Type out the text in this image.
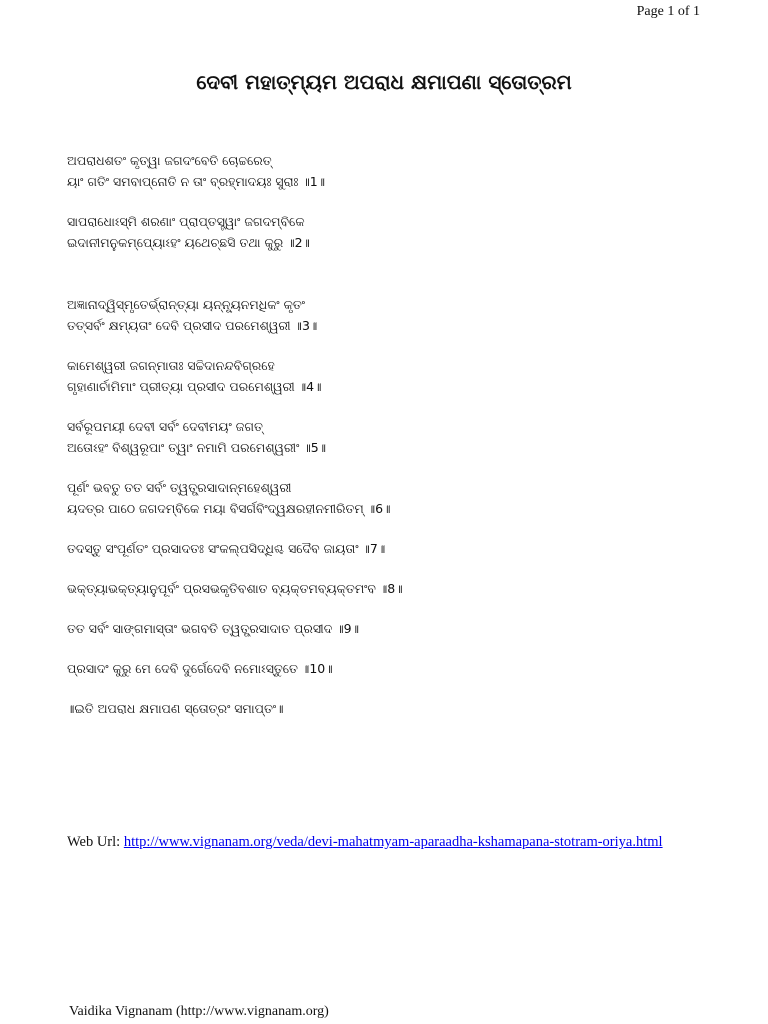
Page 1 of 1
ଦେବୀ ମହାତ୍ମ୍ୟମ ଅପରାଧ କ୍ଷମାପଣା ସ୍ତୋତ୍ରମ
ଅପରାଧଶତଂ କୃତ୍ୱା ଜଗଦଂବେତି ଚୋଚ୍ଚରେତ୍
ୟାଂ ଗତିଂ ସମବାପ୍ନୋତି ନ ତାଂ ବ୍ରହ୍ମାଦୟଃ ସୁରାଃ ॥1॥
ସାପରାଧୋଽସ୍ମି ଶରଣାଂ ପ୍ରାପ୍ତସ୍ତ୍ୱାଂ ଜଗଦମ୍ବିକେ
ଇଦାନୀମନୁକମ୍ପ୍ୟୋଽହଂ ୟଥେଚ୍ଛସି ତଥା କୁରୁ ॥2॥
ଅଜ୍ଞାନାଦ୍ୱିସ୍ମୃତେର୍ଭ୍ରାନ୍ତ୍ୟା ୟନ୍ନ୍ୟୂନମଧିକଂ କୃତଂ
ତତ୍ସର୍ବଂ କ୍ଷମ୍ୟତାଂ ଦେବି ପ୍ରସୀଦ ପରମେଶ୍ୱରୀ ॥3॥
କାମେଶ୍ୱରୀ ଜଗନ୍ମାତାଃ ସଚ୍ଚିଦାନନ୍ଦବିଗ୍ରହେ
ଗୃହାଣାର୍ଚାମିମାଂ ପ୍ରୀତ୍ୟା ପ୍ରସୀଦ ପରମେଶ୍ୱରୀ ॥4॥
ସର୍ବରୂପମୟୀ ଦେବୀ ସର୍ବଂ ଦେବୀମୟଂ ଜଗତ୍
ଅତୋଽହଂ ବିଶ୍ୱରୂପାଂ ତ୍ୱାଂ ନମାମି ପରମେଶ୍ୱରୀଂ ॥5॥
ପୂର୍ଣଂ ଭବତୁ ତତ ସର୍ବଂ ତ୍ୱତ୍ପ୍ରସାଦାନ୍ମହେଶ୍ୱରୀ
ୟଦତ୍ର ପାଠେ ଜଗଦମ୍ବିକେ ମୟା ବିସର୍ଗବିଂଦ୍ୱକ୍ଷରହୀନମୀରିତମ୍ ॥6॥
ତଦସ୍ତୁ ସଂପୂର୍ଣତଂ ପ୍ରସାଦତଃ ସଂକଲ୍ପସିଦ୍ଧିଶ୍ଚ ସଦୈବ ଜାୟତାଂ ॥7॥
ଭକ୍ତ୍ୟାଭକ୍ତ୍ୟାନୁପୂର୍ବଂ ପ୍ରସଭକୃତିବଶାତ ବ୍ୟକ୍ତମବ୍ୟକ୍ତମଂବ ॥8॥
ତତ ସର୍ବଂ ସାଙ୍ଗମାସ୍ତାଂ ଭଗବତି ତ୍ୱତ୍ପ୍ରସାଦାତ ପ୍ରସୀଦ ॥9॥
ପ୍ରସାଦଂ କୁରୁ ମେ ଦେବି ଦୁର୍ଗେଦେବି ନମୋଽସ୍ତୁତେ ॥10॥
॥ଇତି ଅପରାଧ କ୍ଷମାପଣ ସ୍ତୋତ୍ରଂ ସମାପ୍ତଂ॥
Web Url: http://www.vignanam.org/veda/devi-mahatmyam-aparaadha-kshamapana-stotram-oriya.html
Vaidika Vignanam (http://www.vignanam.org)
